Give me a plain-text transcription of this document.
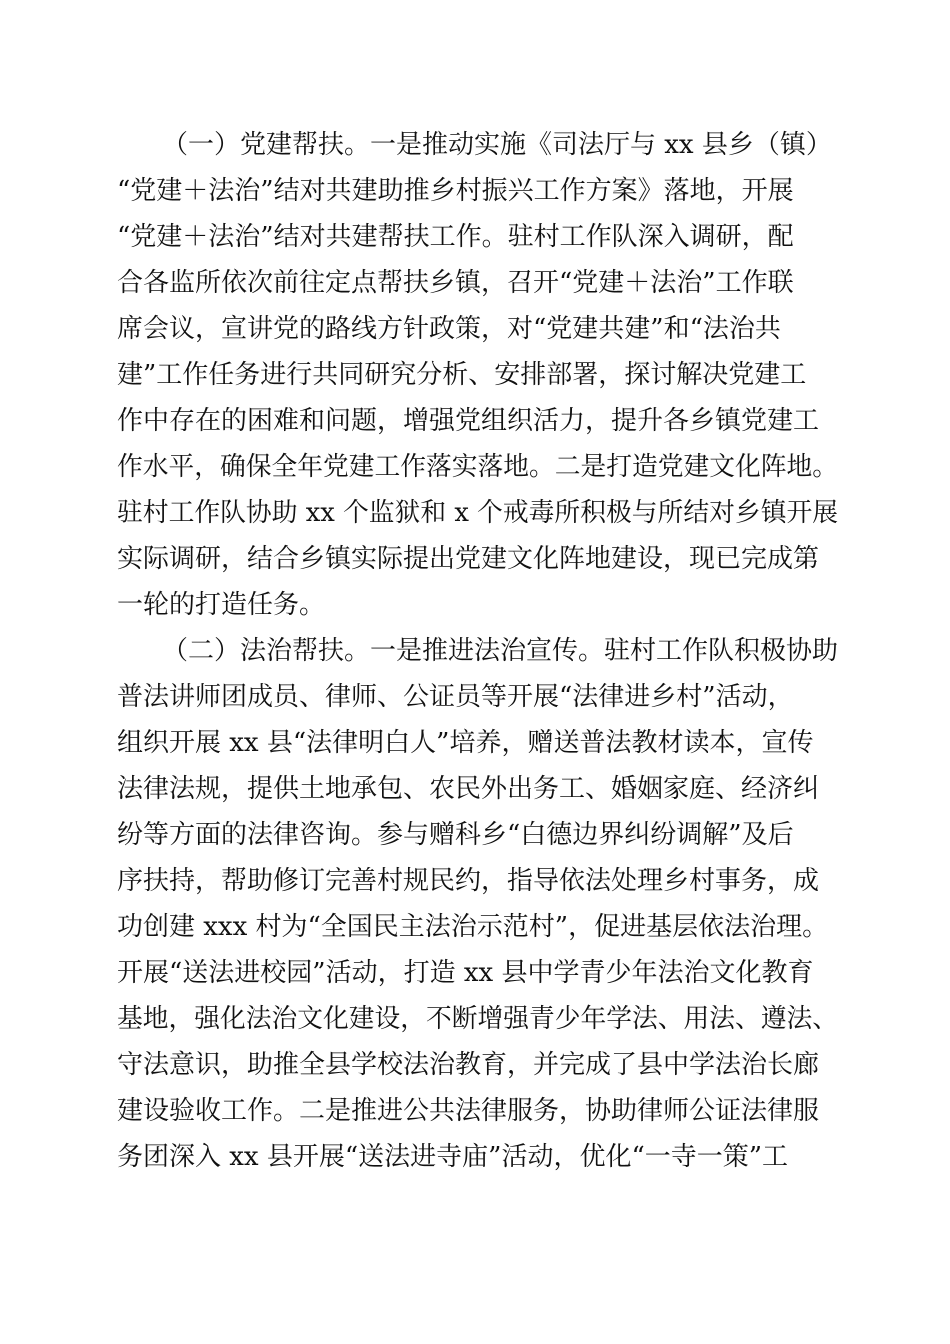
（一）党建帮扶。一是推动实施《司法厅与 xx 县乡（镇）
“党建＋法治”结对共建助推乡村振兴工作方案》落地，开展
“党建＋法治”结对共建帮扶工作。驻村工作队深入调研，配
合各监所依次前往定点帮扶乡镇，召开“党建＋法治”工作联
席会议，宣讲党的路线方针政策，对“党建共建”和“法治共
建”工作任务进行共同研究分析、安排部署，探讨解决党建工
作中存在的困难和问题，增强党组织活力，提升各乡镇党建工
作水平，确保全年党建工作落实落地。二是打造党建文化阵地。
驻村工作队协助 xx 个监狱和 x 个戒毒所积极与所结对乡镇开展
实际调研，结合乡镇实际提出党建文化阵地建设，现已完成第
一轮的打造任务。
（二）法治帮扶。一是推进法治宣传。驻村工作队积极协助
普法讲师团成员、律师、公证员等开展“法律进乡村”活动，
组织开展 xx 县“法律明白人”培养，赠送普法教材读本，宣传
法律法规，提供土地承包、农民外出务工、婚姻家庭、经济纠
纷等方面的法律咨询。参与赠科乡“白德边界纠纷调解”及后
序扶持，帮助修订完善村规民约，指导依法处理乡村事务，成
功创建 xxx 村为“全国民主法治示范村”，促进基层依法治理。
开展“送法进校园”活动，打造 xx 县中学青少年法治文化教育
基地，强化法治文化建设，不断增强青少年学法、用法、遵法、
守法意识，助推全县学校法治教育，并完成了县中学法治长廊
建设验收工作。二是推进公共法律服务，协助律师公证法律服
务团深入 xx 县开展“送法进寺庙”活动，优化“一寺一策”工
